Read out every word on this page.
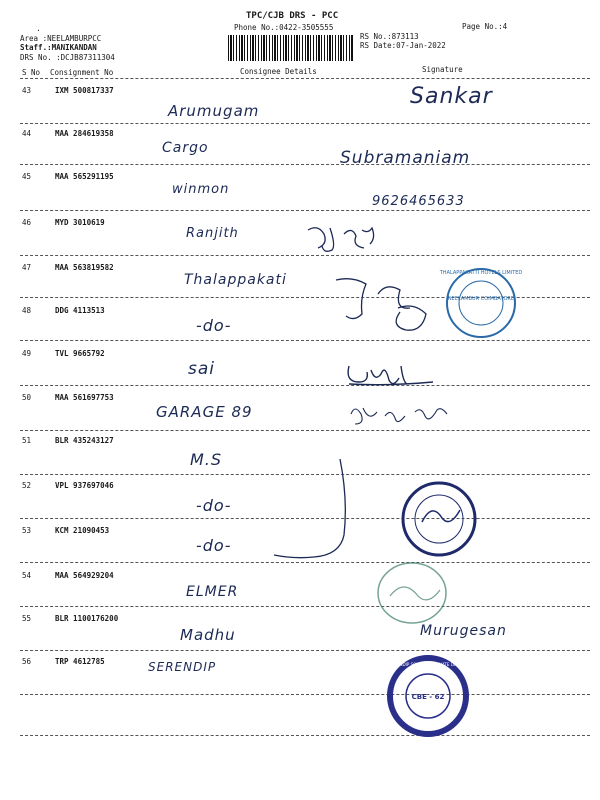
TPC/CJB DRS - PCC
Phone No.:0422-3505555	Page No.:4
Area :NEELAMBURPCC
Staff.:MANIKANDAN
DRS No. :DCJB87311304
RS No.:873113
RS Date:07-Jan-2022
·
S No Consignment No	Consignee Details	Signature
43	IXM 500817337
Arumugam
Sankar
44	MAA 284619358
Cargo	Subramaniam
45	MAA 565291195
winmon
9626465633
46	MYD 3010619
Ranjith
47	MAA 563819582
Thalappakati
48	DDG 4113513
-do-
49	TVL 9665792
sai
50	MAA 561697753
GARAGE 89
51	BLR 435243127
M.S
52	VPL 937697046
-do-
53	KCM 21090453
-do-
54	MAA 564929204
ELMER
55	BLR 1100176200
Madhu	Murugesan
56	TRP 4612785	SERENDIP
NEELAMBUR COIMBATORE
THALAPPAKATTI HOTELS LIMITED
CBE - 62
SERENDIP SOURCING PRIVATE LIMITED
